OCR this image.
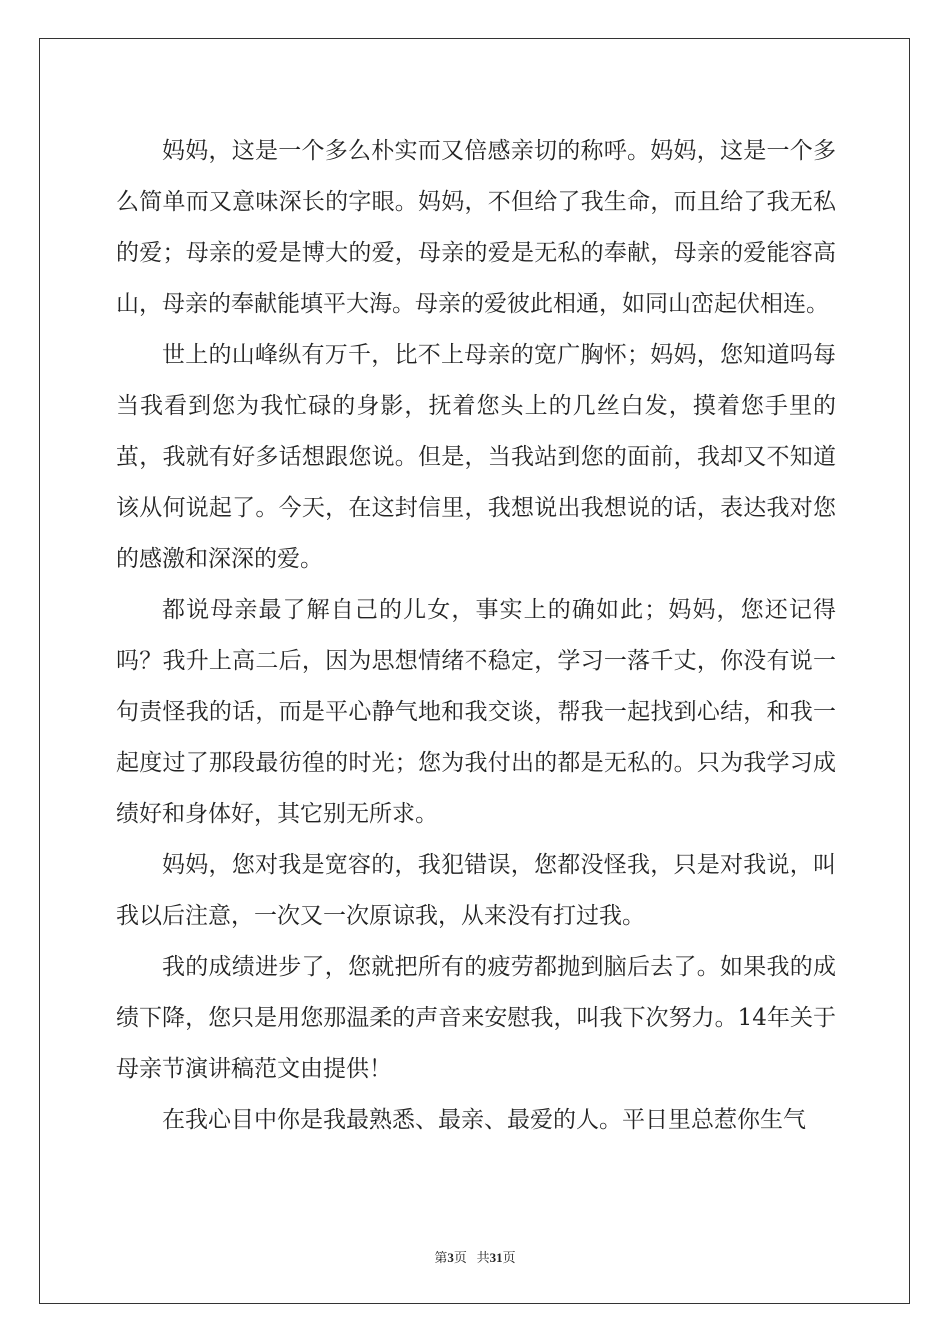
妈妈，这是一个多么朴实而又倍感亲切的称呼。妈妈，这是一个多么简单而又意味深长的字眼。妈妈，不但给了我生命，而且给了我无私的爱；母亲的爱是博大的爱，母亲的爱是无私的奉献，母亲的爱能容高山，母亲的奉献能填平大海。母亲的爱彼此相通，如同山峦起伏相连。

世上的山峰纵有万千，比不上母亲的宽广胸怀；妈妈，您知道吗每当我看到您为我忙碌的身影，抚着您头上的几丝白发，摸着您手里的茧，我就有好多话想跟您说。但是，当我站到您的面前，我却又不知道该从何说起了。今天，在这封信里，我想说出我想说的话，表达我对您的感激和深深的爱。

都说母亲最了解自己的儿女，事实上的确如此；妈妈，您还记得吗？我升上高二后，因为思想情绪不稳定，学习一落千丈，你没有说一句责怪我的话，而是平心静气地和我交谈，帮我一起找到心结，和我一起度过了那段最彷徨的时光；您为我付出的都是无私的。只为我学习成绩好和身体好，其它别无所求。

妈妈，您对我是宽容的，我犯错误，您都没怪我，只是对我说，叫我以后注意，一次又一次原谅我，从来没有打过我。

我的成绩进步了，您就把所有的疲劳都抛到脑后去了。如果我的成绩下降，您只是用您那温柔的声音来安慰我，叫我下次努力。14年关于母亲节演讲稿范文由提供！

在我心目中你是我最熟悉、最亲、最爱的人。平日里总惹你生气

第3页 共31页
